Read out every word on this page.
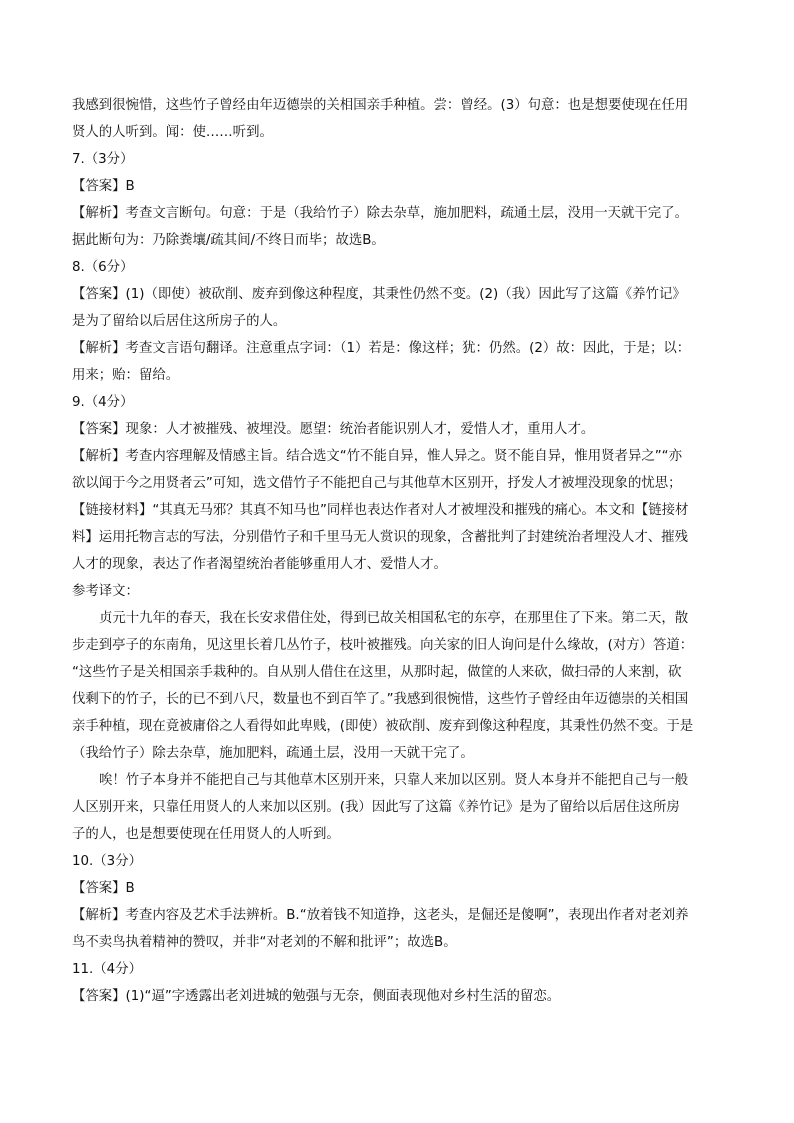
我感到很惋惜，这些竹子曾经由年迈德崇的关相国亲手种植。尝：曾经。(3）句意：也是想要使现在任用
贤人的人听到。闻：使……听到。
7.（3分）
【答案】B
【解析】考查文言断句。句意：于是（我给竹子）除去杂草，施加肥料，疏通土层，没用一天就干完了。
据此断句为：乃除粪壤/疏其间/不终日而毕；故选B。
8.（6分）
【答案】(1)（即使）被砍削、废弃到像这种程度，其秉性仍然不变。(2)（我）因此写了这篇《养竹记》
是为了留给以后居住这所房子的人。
【解析】考查文言语句翻译。注意重点字词：（1）若是：像这样；犹：仍然。(2）故：因此，于是；以：
用来；贻：留给。
9.（4分）
【答案】现象：人才被摧残、被埋没。愿望：统治者能识别人才，爱惜人才，重用人才。
【解析】考查内容理解及情感主旨。结合选文“竹不能自异，惟人异之。贤不能自异，惟用贤者异之”“亦
欲以闻于今之用贤者云”可知，选文借竹子不能把自己与其他草木区别开，抒发人才被埋没现象的忧思；
【链接材料】“其真无马邪？其真不知马也”同样也表达作者对人才被埋没和摧残的痛心。本文和【链接材
料】运用托物言志的写法，分别借竹子和千里马无人赏识的现象，含蓄批判了封建统治者埋没人才、摧残
人才的现象，表达了作者渴望统治者能够重用人才、爱惜人才。
参考译文：
贞元十九年的春天，我在长安求借住处，得到已故关相国私宅的东亭，在那里住了下来。第二天，散
步走到亭子的东南角，见这里长着几丛竹子，枝叶被摧残。向关家的旧人询问是什么缘故，(对方）答道：
“这些竹子是关相国亲手栽种的。自从别人借住在这里，从那时起，做筐的人来砍，做扫帚的人来割，砍
伐剩下的竹子，长的已不到八尺，数量也不到百竿了。”我感到很惋惜，这些竹子曾经由年迈德崇的关相国
亲手种植，现在竟被庸俗之人看得如此卑贱，(即使）被砍削、废弃到像这种程度，其秉性仍然不变。于是
（我给竹子）除去杂草，施加肥料，疏通土层，没用一天就干完了。
唉！竹子本身并不能把自己与其他草木区别开来，只靠人来加以区别。贤人本身并不能把自己与一般
人区别开来，只靠任用贤人的人来加以区别。(我）因此写了这篇《养竹记》是为了留给以后居住这所房
子的人，也是想要使现在任用贤人的人听到。
10.（3分）
【答案】B
【解析】考查内容及艺术手法辨析。B.“放着钱不知道挣，这老头，是倔还是傻啊”，表现出作者对老刘养
鸟不卖鸟执着精神的赞叹，并非“对老刘的不解和批评”；故选B。
11.（4分）
【答案】(1)“逼”字透露出老刘进城的勉强与无奈，侧面表现他对乡村生活的留恋。
